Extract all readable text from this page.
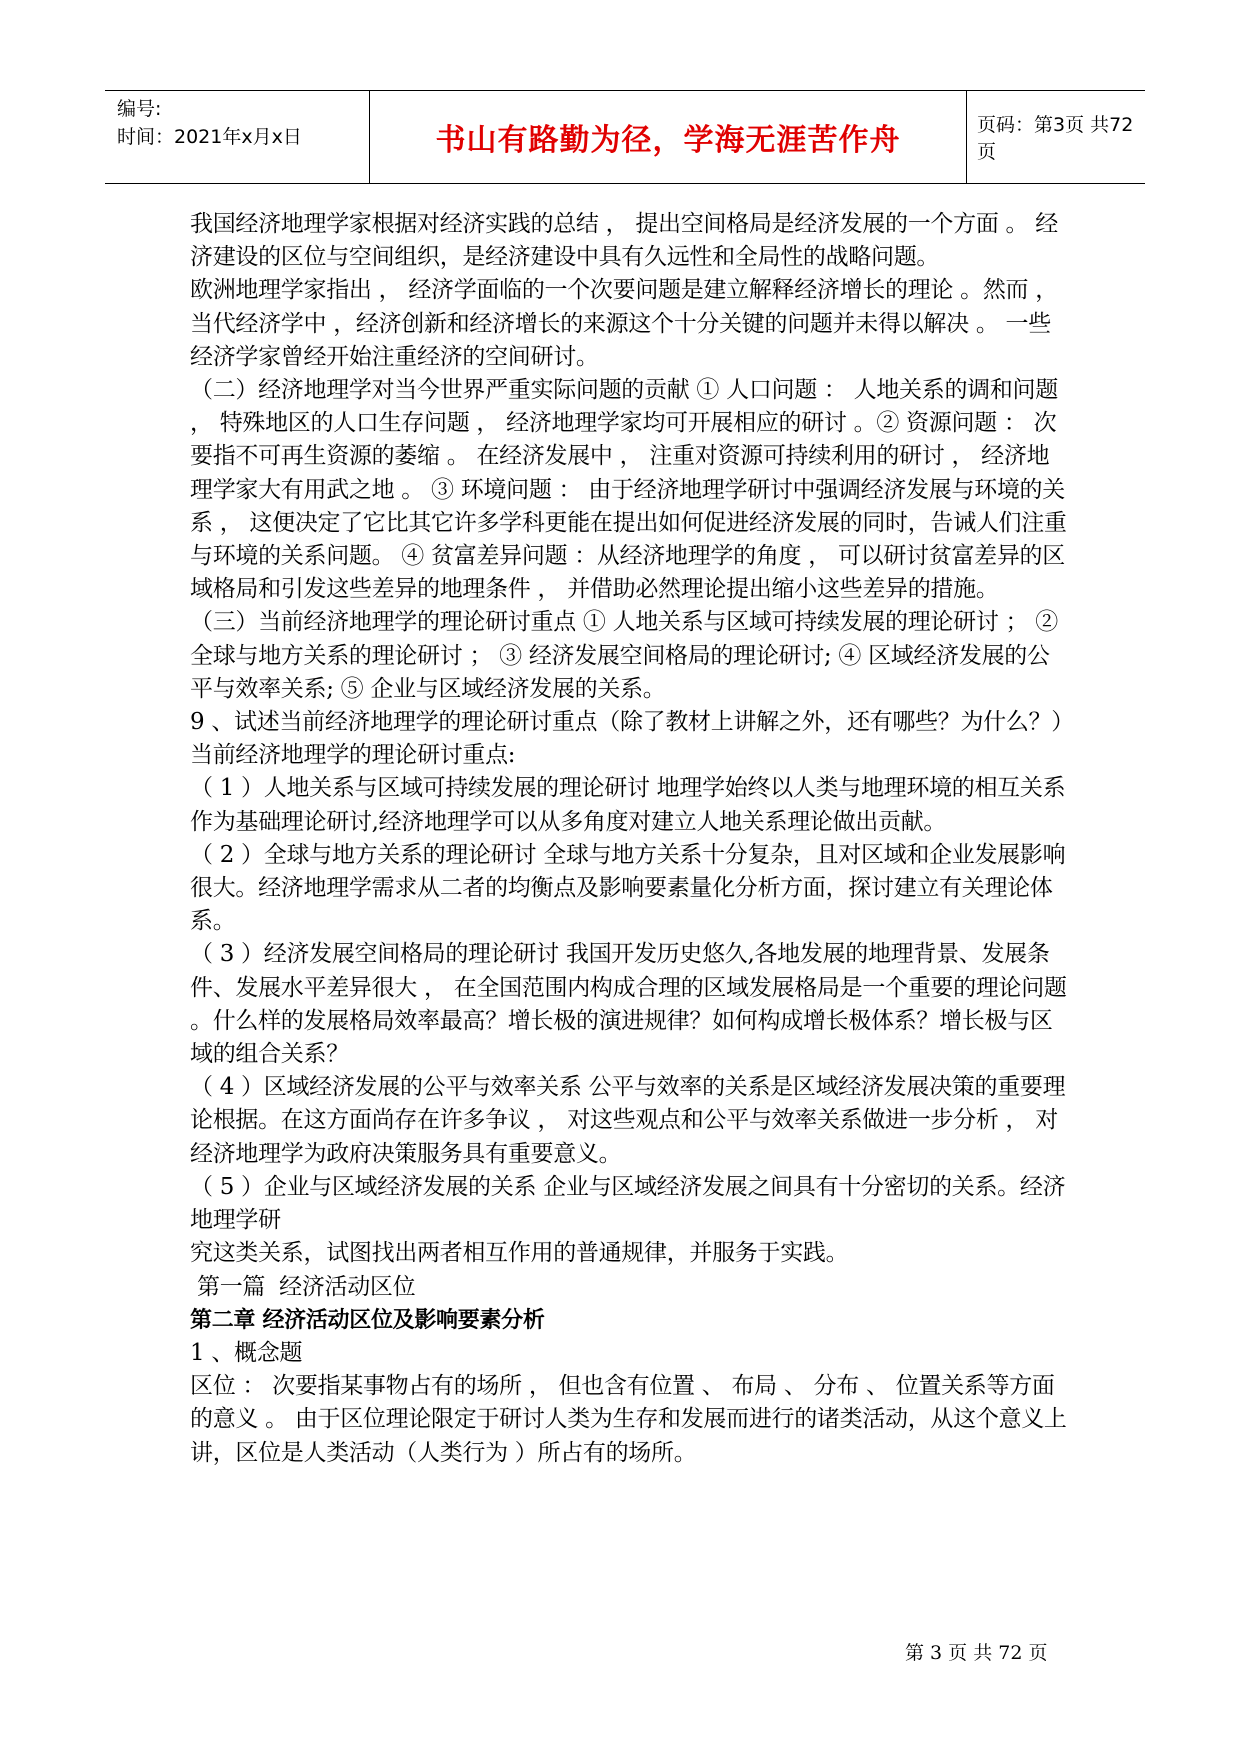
编号:
时间：2021年x月x日	书山有路勤为径，学海无涯苦作舟	页码：第3页 共72页

我国经济地理学家根据对经济实践的总结 ， 提出空间格局是经济发展的一个方面 。 经济建设的区位与空间组织，是经济建设中具有久远性和全局性的战略问题。

欧洲地理学家指出 ， 经济学面临的一个次要问题是建立解释经济增长的理论 。然而 ， 当代经济学中 ，经济创新和经济增长的来源这个十分关键的问题并未得以解决 。 一些经济学家曾经开始注重经济的空间研讨。

（二）经济地理学对当今世界严重实际问题的贡献 ① 人口问题 ： 人地关系的调和问题 ， 特殊地区的人口生存问题 ， 经济地理学家均可开展相应的研讨 。② 资源问题 ： 次要指不可再生资源的萎缩 。 在经济发展中 ， 注重对资源可持续利用的研讨 ， 经济地理学家大有用武之地 。 ③ 环境问题 ： 由于经济地理学研讨中强调经济发展与环境的关系 ， 这便决定了它比其它许多学科更能在提出如何促进经济发展的同时，告诫人们注重与环境的关系问题。 ④ 贫富差异问题 ：从经济地理学的角度 ， 可以研讨贫富差异的区域格局和引发这些差异的地理条件 ， 并借助必然理论提出缩小这些差异的措施。

（三）当前经济地理学的理论研讨重点 ① 人地关系与区域可持续发展的理论研讨 ； ② 全球与地方关系的理论研讨 ； ③ 经济发展空间格局的理论研讨; ④ 区域经济发展的公平与效率关系; ⑤ 企业与区域经济发展的关系。

9 、试述当前经济地理学的理论研讨重点（除了教材上讲解之外，还有哪些？为什么？）

当前经济地理学的理论研讨重点:

（ 1 ）人地关系与区域可持续发展的理论研讨 地理学始终以人类与地理环境的相互关系作为基础理论研讨,经济地理学可以从多角度对建立人地关系理论做出贡献。

（ 2 ）全球与地方关系的理论研讨 全球与地方关系十分复杂，且对区域和企业发展影响很大。经济地理学需求从二者的均衡点及影响要素量化分析方面，探讨建立有关理论体系。

（ 3 ）经济发展空间格局的理论研讨 我国开发历史悠久,各地发展的地理背景、发展条件、发展水平差异很大 ， 在全国范围内构成合理的区域发展格局是一个重要的理论问题 。什么样的发展格局效率最高？增长极的演进规律？如何构成增长极体系？增长极与区域的组合关系？

（ 4 ）区域经济发展的公平与效率关系 公平与效率的关系是区域经济发展决策的重要理论根据。在这方面尚存在许多争议 ， 对这些观点和公平与效率关系做进一步分析 ， 对经济地理学为政府决策服务具有重要意义。

（ 5 ）企业与区域经济发展的关系 企业与区域经济发展之间具有十分密切的关系。经济地理学研

究这类关系，试图找出两者相互作用的普通规律，并服务于实践。

第一篇  经济活动区位

第二章 经济活动区位及影响要素分析

1 、概念题

区位 ： 次要指某事物占有的场所 ， 但也含有位置 、 布局 、 分布 、 位置关系等方面的意义 。 由于区位理论限定于研讨人类为生存和发展而进行的诸类活动，从这个意义上讲，区位是人类活动（人类行为 ）所占有的场所。

第 3 页 共 72 页
